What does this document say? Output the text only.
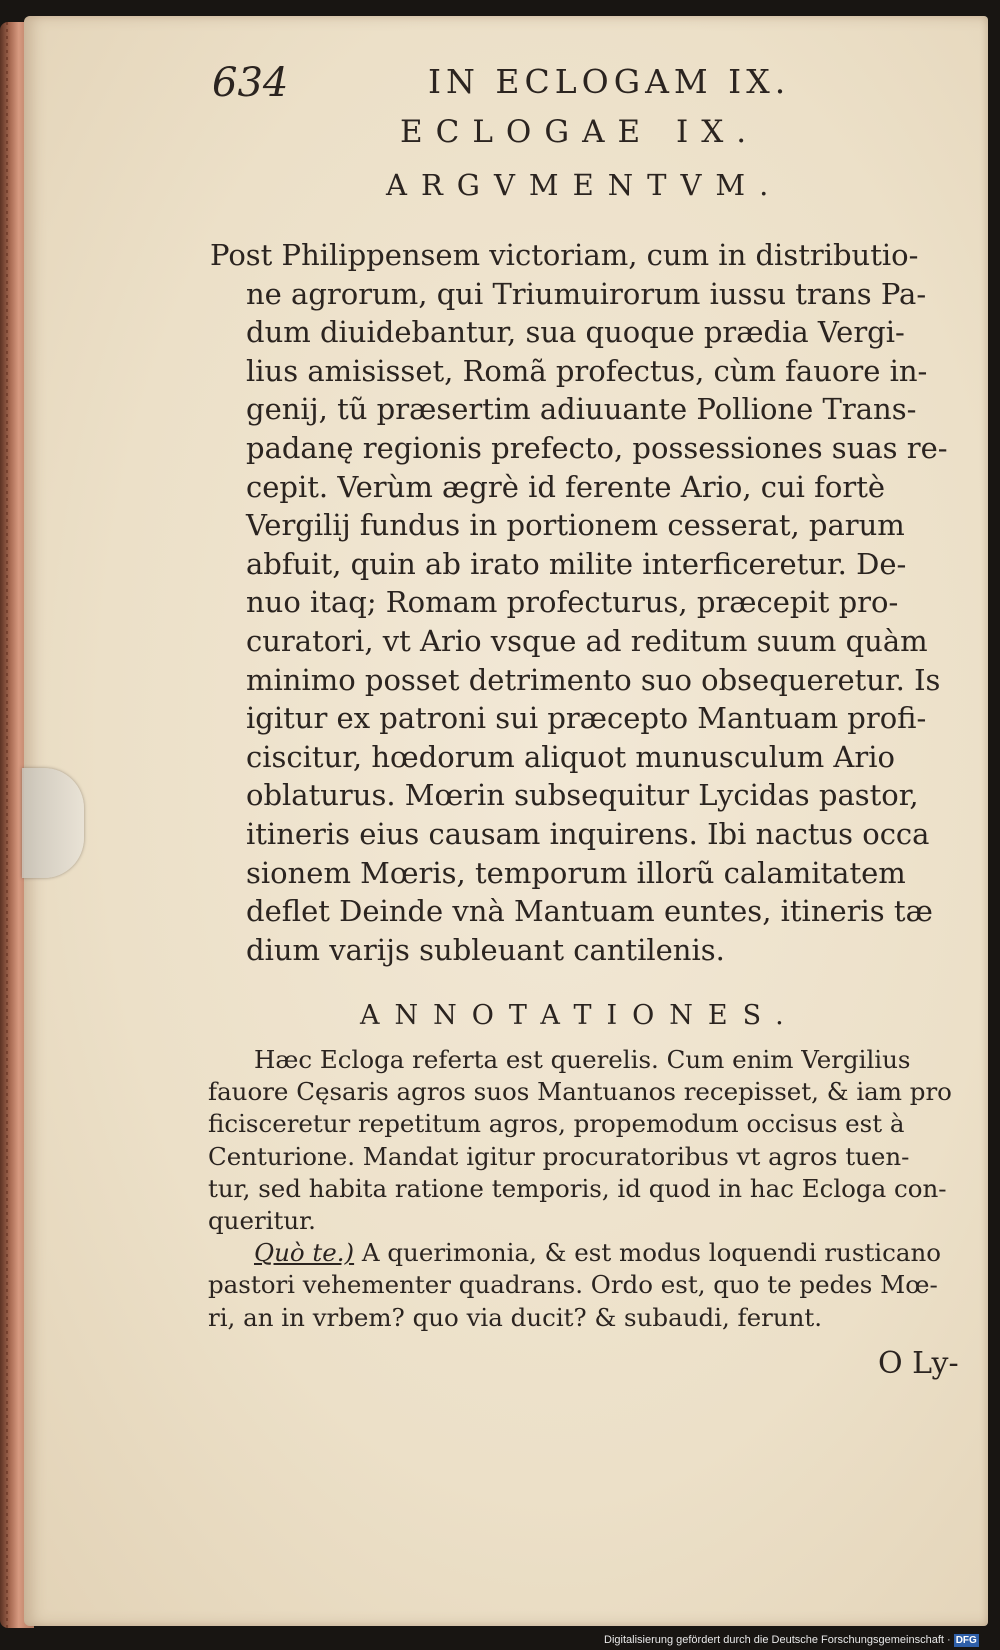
634	IN ECLOGAM IX.
ECLOGAE IX.
ARGVMENTVM.
Post Philippensem victoriam, cum in distributio-
ne agrorum, qui Triumuirorum iussu trans Pa-
dum diuidebantur, sua quoque prædia Vergi-
lius amisisset, Romã profectus, cùm fauore in-
genij, tũ præsertim adiuuante Pollione Trans-
padanę regionis prefecto, possessiones suas re-
cepit. Verùm ægrè id ferente Ario, cui fortè
Vergilij fundus in portionem cesserat, parum
abfuit, quin ab irato milite interficeretur. De-
nuo itaq; Romam profecturus, præcepit pro-
curatori, vt Ario vsque ad reditum suum quàm
minimo posset detrimento suo obsequeretur. Is
igitur ex patroni sui præcepto Mantuam profi-
ciscitur, hœdorum aliquot munusculum Ario
oblaturus. Mœrin subsequitur Lycidas pastor,
itineris eius causam inquirens. Ibi nactus occa
sionem Mœris, temporum illorũ calamitatem
deflet Deinde vnà Mantuam euntes, itineris tæ
dium varijs subleuant cantilenis.
ANNOTATIONES.
Hæc Ecloga referta est querelis. Cum enim Vergilius
fauore Cęsaris agros suos Mantuanos recepisset, & iam pro
ficisceretur repetitum agros, propemodum occisus est à
Centurione. Mandat igitur procuratoribus vt agros tuen-
tur, sed habita ratione temporis, id quod in hac Ecloga con-
queritur.
Quò te.) A querimonia, & est modus loquendi rusticano
pastori vehementer quadrans. Ordo est, quo te pedes Mœ-
ri, an in vrbem? quo via ducit? & subaudi, ferunt.
O Ly-
Digitalisierung gefördert durch die Deutsche Forschungsgemeinschaft · DFG
